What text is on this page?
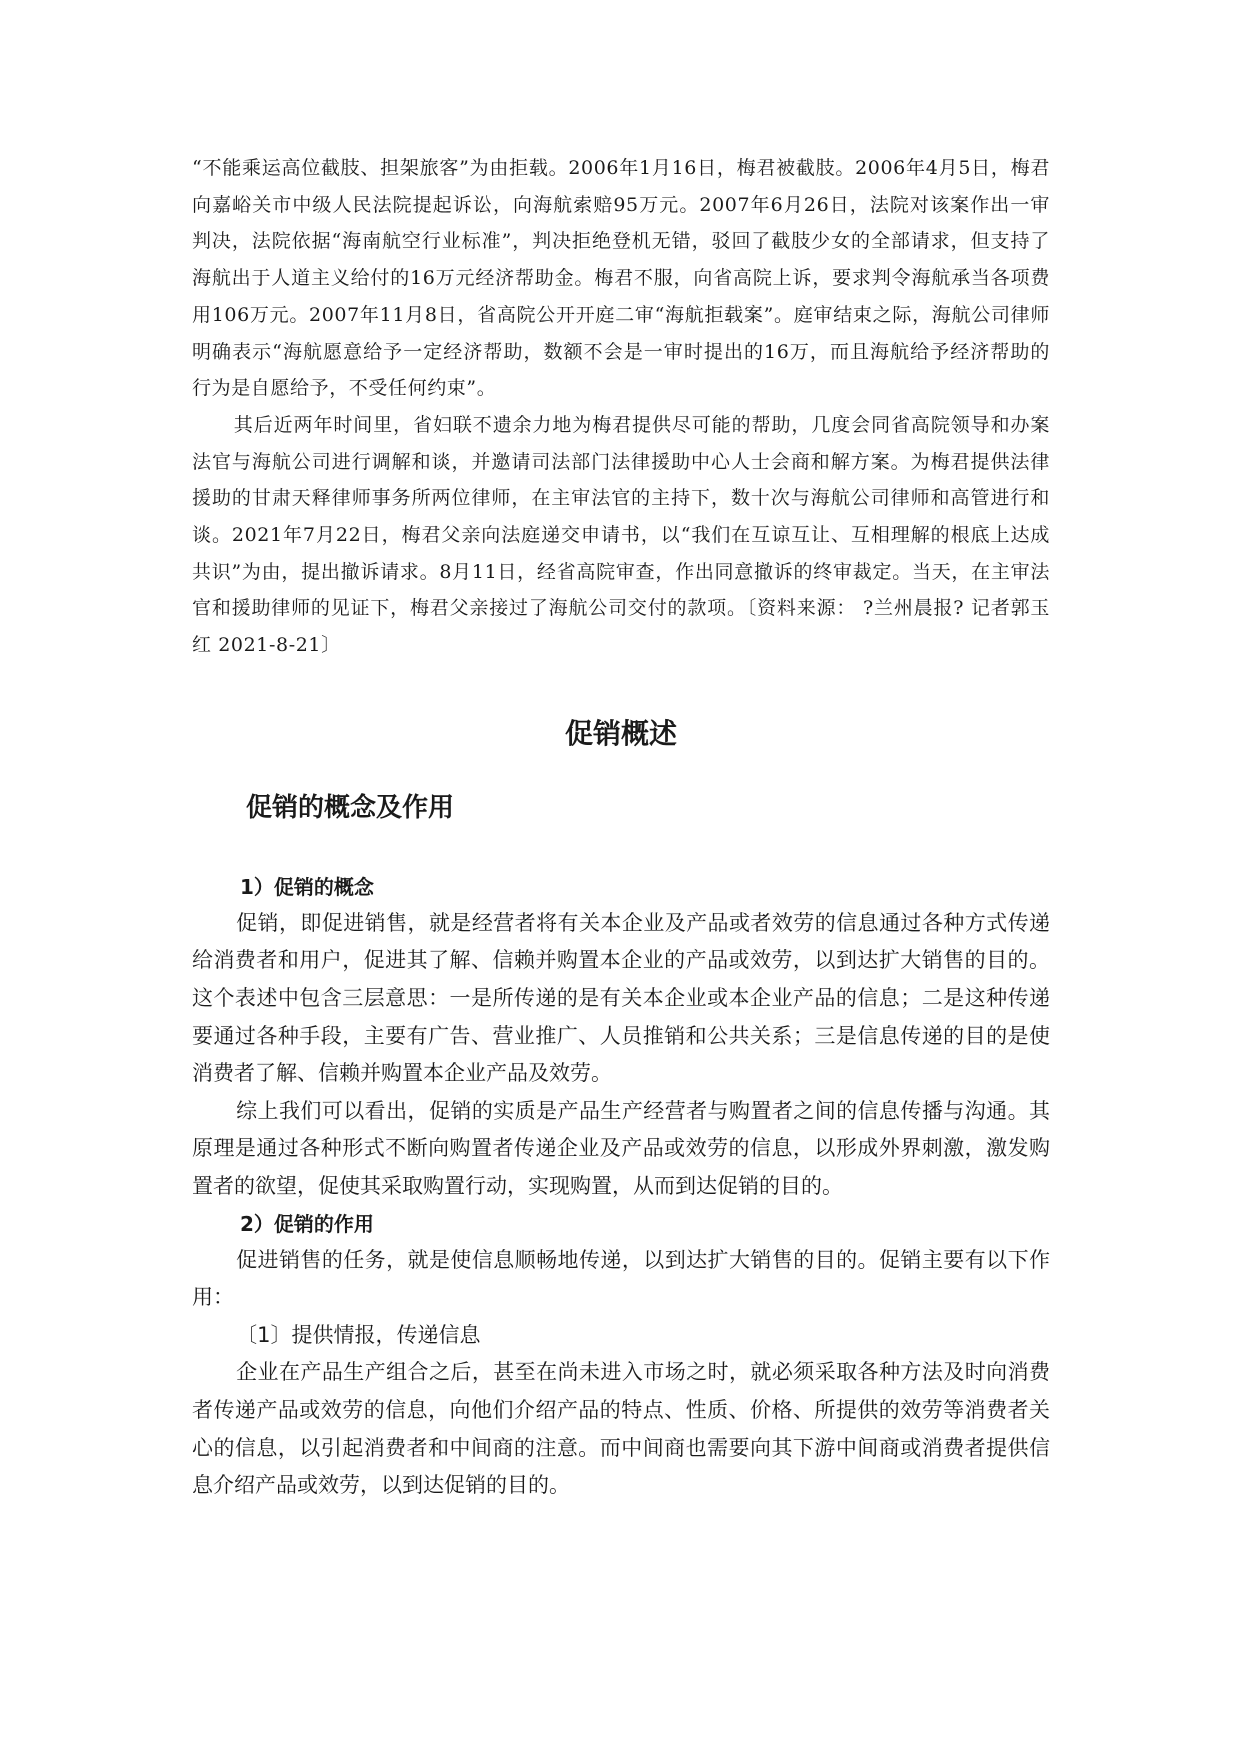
“不能乘运高位截肢、担架旅客”为由拒载。2006年1月16日，梅君被截肢。2006年4月5日，梅君向嘉峪关市中级人民法院提起诉讼，向海航索赔95万元。2007年6月26日，法院对该案作出一审判决，法院依据“海南航空行业标准”，判决拒绝登机无错，驳回了截肢少女的全部请求，但支持了海航出于人道主义给付的16万元经济帮助金。梅君不服，向省高院上诉，要求判令海航承当各项费用106万元。2007年11月8日，省高院公开开庭二审“海航拒载案”。庭审结束之际，海航公司律师明确表示“海航愿意给予一定经济帮助，数额不会是一审时提出的16万，而且海航给予经济帮助的行为是自愿给予，不受任何约束”。

其后近两年时间里，省妇联不遗余力地为梅君提供尽可能的帮助，几度会同省高院领导和办案法官与海航公司进行调解和谈，并邀请司法部门法律援助中心人士会商和解方案。为梅君提供法律援助的甘肃天释律师事务所两位律师，在主审法官的主持下，数十次与海航公司律师和高管进行和谈。2021年7月22日，梅君父亲向法庭递交申请书，以“我们在互谅互让、互相理解的根底上达成共识”为由，提出撤诉请求。8月11日，经省高院审查，作出同意撤诉的终审裁定。当天，在主审法官和援助律师的见证下，梅君父亲接过了海航公司交付的款项。〔资料来源： ?兰州晨报? 记者郭玉红 2021-8-21〕

促销概述
促销的概念及作用
1）促销的概念

促销，即促进销售，就是经营者将有关本企业及产品或者效劳的信息通过各种方式传递给消费者和用户，促进其了解、信赖并购置本企业的产品或效劳，以到达扩大销售的目的。这个表述中包含三层意思：一是所传递的是有关本企业或本企业产品的信息；二是这种传递要通过各种手段，主要有广告、营业推广、人员推销和公共关系；三是信息传递的目的是使消费者了解、信赖并购置本企业产品及效劳。

综上我们可以看出，促销的实质是产品生产经营者与购置者之间的信息传播与沟通。其原理是通过各种形式不断向购置者传递企业及产品或效劳的信息，以形成外界刺激，激发购置者的欲望，促使其采取购置行动，实现购置，从而到达促销的目的。

2）促销的作用

促进销售的任务，就是使信息顺畅地传递，以到达扩大销售的目的。促销主要有以下作用：

〔1〕提供情报，传递信息

企业在产品生产组合之后，甚至在尚未进入市场之时，就必须采取各种方法及时向消费者传递产品或效劳的信息，向他们介绍产品的特点、性质、价格、所提供的效劳等消费者关心的信息，以引起消费者和中间商的注意。而中间商也需要向其下游中间商或消费者提供信息介绍产品或效劳，以到达促销的目的。
